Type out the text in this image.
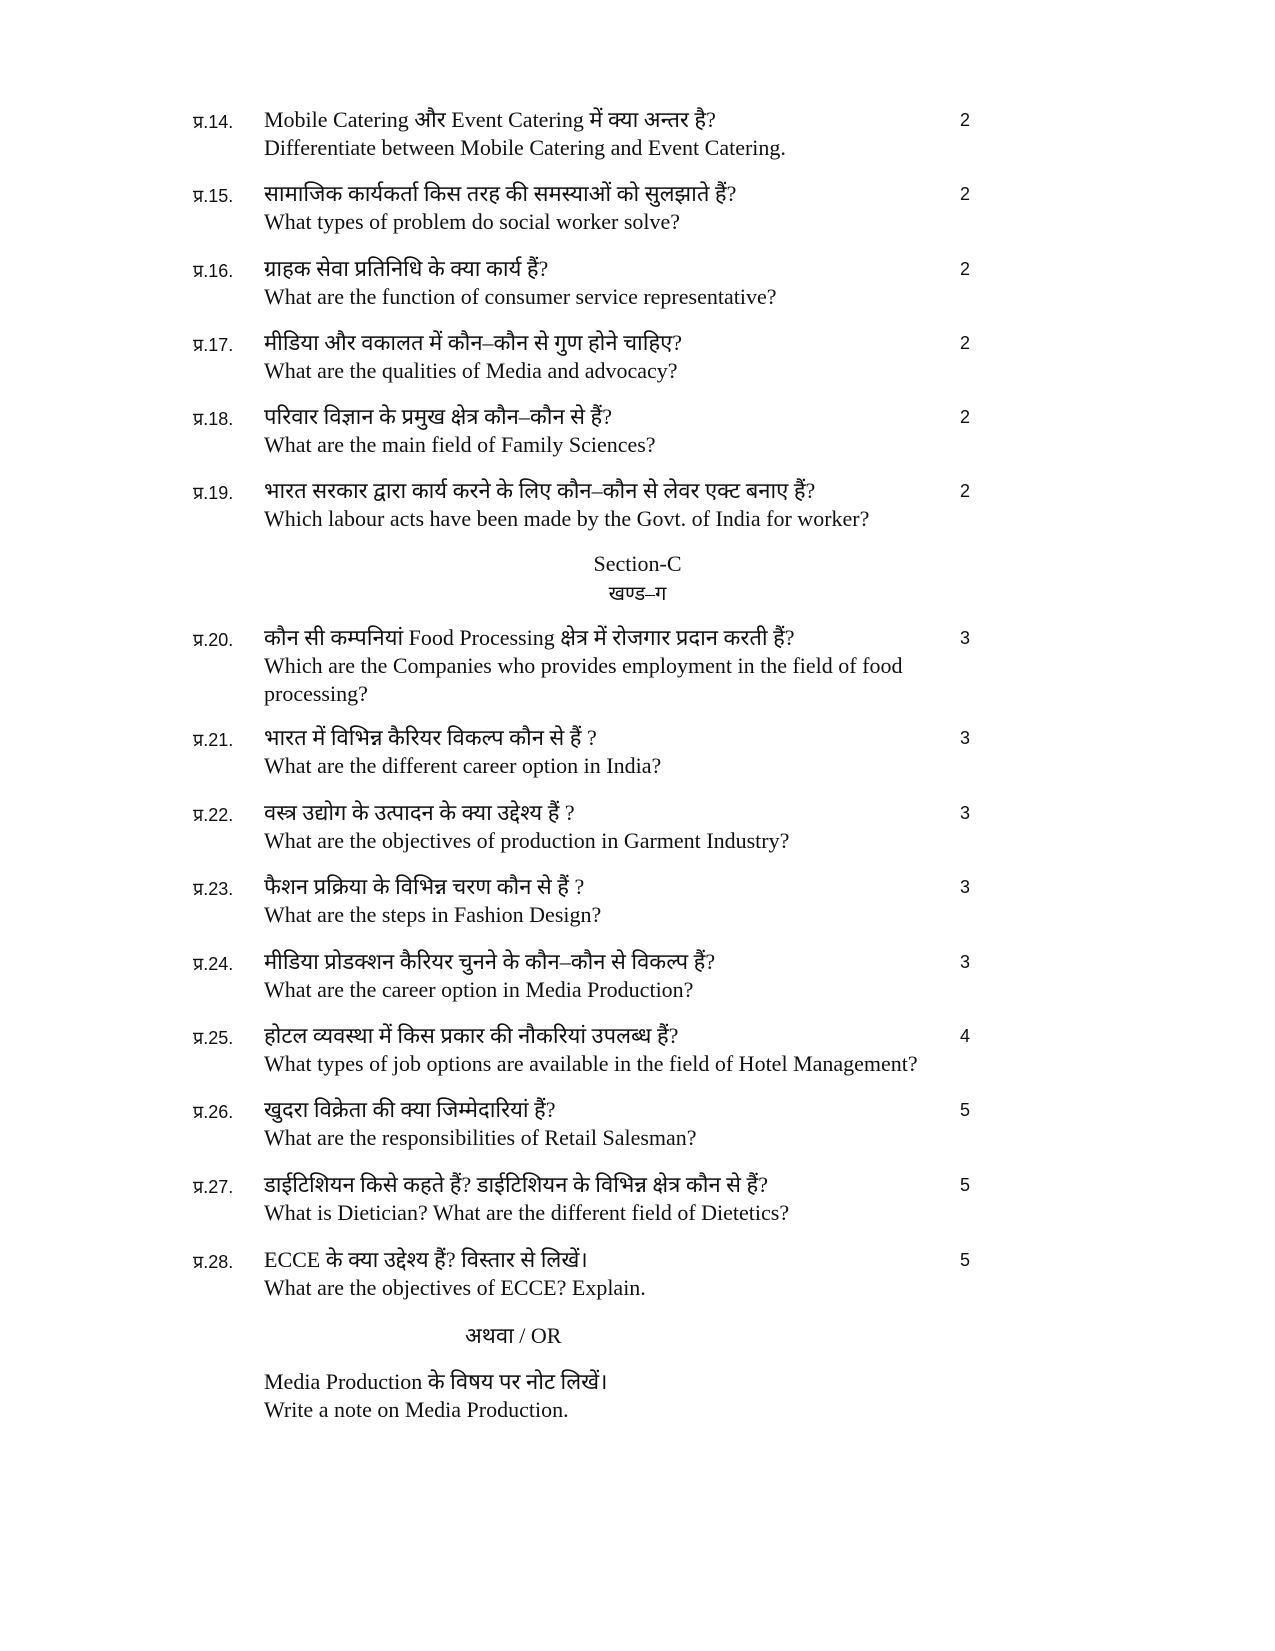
प्र.14. Mobile Catering और Event Catering में क्या अन्तर है?
Differentiate between Mobile Catering and Event Catering.
2
प्र.15. सामाजिक कार्यकर्ता किस तरह की समस्याओं को सुलझाते हैं?
What types of problem do social worker solve?
2
प्र.16. ग्राहक सेवा प्रतिनिधि के क्या कार्य हैं?
What are the function of consumer service representative?
2
प्र.17. मीडिया और वकालत में कौन–कौन से गुण होने चाहिए?
What are the qualities of Media and advocacy?
2
प्र.18. परिवार विज्ञान के प्रमुख क्षेत्र कौन–कौन से हैं?
What are the main field of Family Sciences?
2
प्र.19. भारत सरकार द्वारा कार्य करने के लिए कौन–कौन से लेवर एक्ट बनाए हैं?
Which labour acts have been made by the Govt. of India for worker?
2
Section-C
खण्ड–ग
प्र.20. कौन सी कम्पनियां Food Processing क्षेत्र में रोजगार प्रदान करती हैं?
Which are the Companies who provides employment in the field of food processing?
3
प्र.21. भारत में विभिन्न कैरियर विकल्प कौन से हैं ?
What are the different career option in India?
3
प्र.22. वस्त्र उद्योग के उत्पादन के क्या उद्देश्य हैं ?
What are the objectives of production in Garment Industry?
3
प्र.23. फैशन प्रक्रिया के विभिन्न चरण कौन से हैं ?
What are the steps in Fashion Design?
3
प्र.24. मीडिया प्रोडक्शन कैरियर चुनने के कौन–कौन से विकल्प हैं?
What are the career option in Media Production?
3
प्र.25. होटल व्यवस्था में किस प्रकार की नौकरियां उपलब्ध हैं?
What types of job options are available in the field of Hotel Management?
4
प्र.26. खुदरा विक्रेता की क्या जिम्मेदारियां हैं?
What are the responsibilities of Retail Salesman?
5
प्र.27. डाईटिशियन किसे कहते हैं? डाईटिशियन के विभिन्न क्षेत्र कौन से हैं?
What is Dietician? What are the different field of Dietetics?
5
प्र.28. ECCE के क्या उद्देश्य हैं? विस्तार से लिखें।
What are the objectives of ECCE? Explain.
5
अथवा / OR
Media Production के विषय पर नोट लिखें।
Write a note on Media Production.
